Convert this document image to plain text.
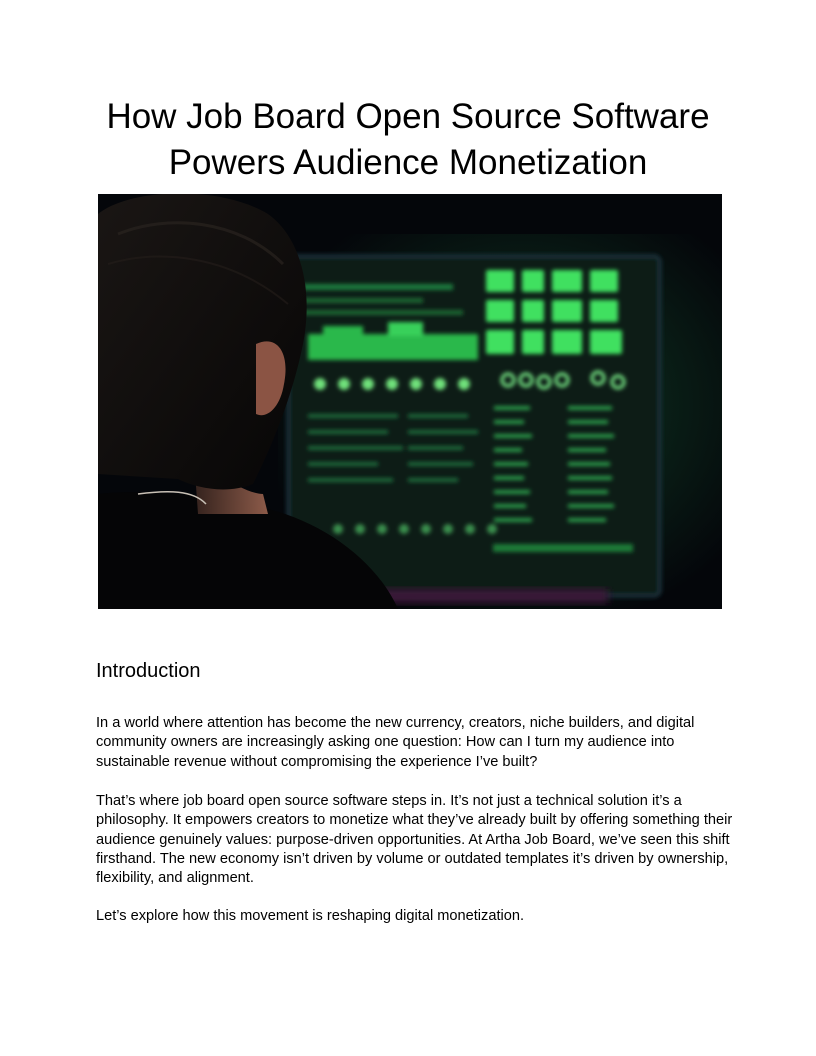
How Job Board Open Source Software
Powers Audience Monetization
Introduction

In a world where attention has become the new currency, creators, niche builders, and digital community owners are increasingly asking one question: How can I turn my audience into sustainable revenue without compromising the experience I’ve built?

That’s where job board open source software steps in. It’s not just a technical solution it’s a philosophy. It empowers creators to monetize what they’ve already built by offering something their audience genuinely values: purpose-driven opportunities. At Artha Job Board, we’ve seen this shift firsthand. The new economy isn’t driven by volume or outdated templates it’s driven by ownership, flexibility, and alignment.

Let’s explore how this movement is reshaping digital monetization.
